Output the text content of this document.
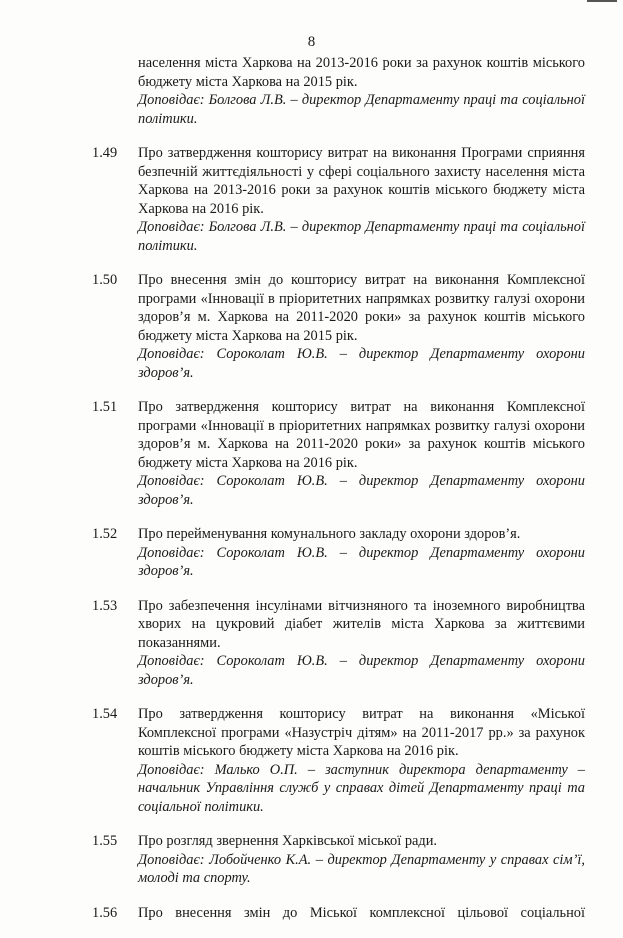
8
населення міста Харкова на 2013-2016 роки за рахунок коштів міського бюджету міста Харкова на 2015 рік.
Доповідає: Болгова Л.В. – директор Департаменту праці та соціальної політики.
1.49	Про затвердження кошторису витрат на виконання Програми сприяння безпечній життєдіяльності у сфері соціального захисту населення міста Харкова на 2013-2016 роки за рахунок коштів міського бюджету міста Харкова на 2016 рік.
Доповідає: Болгова Л.В. – директор Департаменту праці та соціальної політики.
1.50	Про внесення змін до кошторису витрат на виконання Комплексної програми «Інновації в пріоритетних напрямках розвитку галузі охорони здоров’я м. Харкова на 2011-2020 роки» за рахунок коштів міського бюджету міста Харкова на 2015 рік.
Доповідає: Сороколат Ю.В. – директор Департаменту охорони здоров’я.
1.51	Про затвердження кошторису витрат на виконання Комплексної програми «Інновації в пріоритетних напрямках розвитку галузі охорони здоров’я м. Харкова на 2011-2020 роки» за рахунок коштів міського бюджету міста Харкова на 2016 рік.
Доповідає: Сороколат Ю.В. – директор Департаменту охорони здоров’я.
1.52	Про перейменування комунального закладу охорони здоров’я.
Доповідає: Сороколат Ю.В. – директор Департаменту охорони здоров’я.
1.53	Про забезпечення інсулінами вітчизняного та іноземного виробництва хворих на цукровий діабет жителів міста Харкова за життєвими показаннями.
Доповідає: Сороколат Ю.В. – директор Департаменту охорони здоров’я.
1.54	Про затвердження кошторису витрат на виконання «Міської Комплексної програми «Назустріч дітям» на 2011-2017 рр.» за рахунок коштів міського бюджету міста Харкова на 2016 рік.
Доповідає: Малько О.П. – заступник директора департаменту – начальник Управління служб у справах дітей Департаменту праці та соціальної політики.
1.55	Про розгляд звернення Харківської міської ради.
Доповідає: Лобойченко К.А. – директор Департаменту у справах сім’ї, молоді та спорту.
1.56	Про внесення змін до Міської комплексної цільової соціальної
